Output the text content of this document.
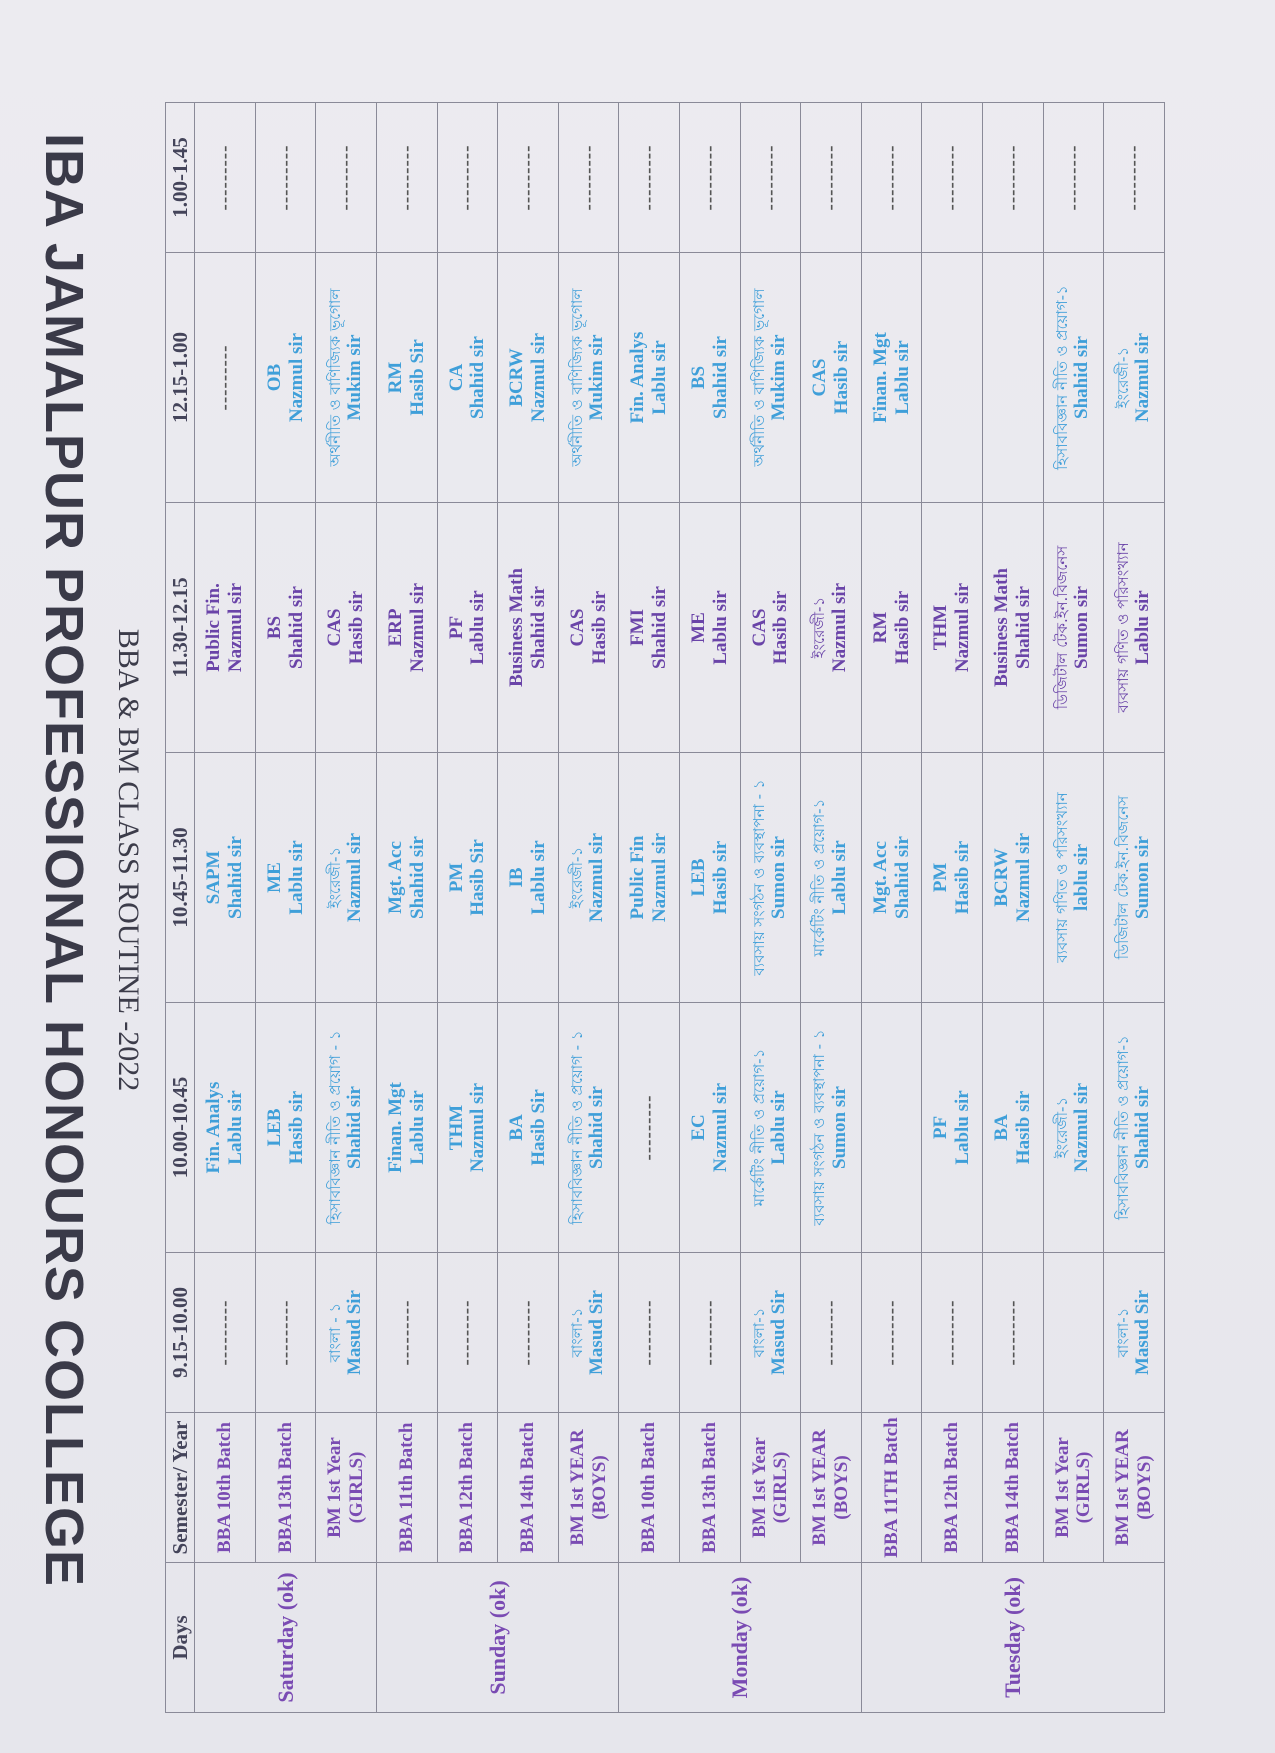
IBA JAMALPUR PROFESSIONAL HONOURS COLLEGE BBA & BM CLASS ROUTINE -2022
Days	Semester/ Year	9.15-10.00	10.00-10.45	10.45-11.30	11.30-12.15	12.15-1.00	1.00-1.45
Saturday (ok)	BBA 10th Batch	---------	Fin. Analys Lablu sir	SAPM Shahid sir	Public Fin. Nazmul sir	---------	---------
	BBA 13th Batch	---------	LEB Hasib sir	ME Lablu sir	BS Shahid sir	OB Nazmul sir	---------
	BM 1st Year (GIRLS)	বাংলা - ১ Masud Sir	হিসাববিজ্ঞান নীতি ও প্রয়োগ - ১ Shahid sir	ইংরেজী-১ Nazmul sir	CAS Hasib sir	অর্থনীতি ও বাণিজ্যিক ভূগোল Mukim sir	---------
Sunday (ok)	BBA 11th Batch	---------	Finan. Mgt Lablu sir	Mgt. Acc Shahid sir	ERP Nazmul sir	RM Hasib Sir	---------
	BBA 12th Batch	---------	THM Nazmul sir	PM Hasib Sir	PF Lablu sir	CA Shahid sir	---------
	BBA 14th Batch	---------	BA Hasib Sir	IB Lablu sir	Business Math Shahid sir	BCRW Nazmul sir	---------
	BM 1st YEAR (BOYS)	বাংলা-১ Masud Sir	হিসাববিজ্ঞান নীতি ও প্রয়োগ - ১ Shahid sir	ইংরেজী-১ Nazmul sir	CAS Hasib sir	অর্থনীতি ও বাণিজ্যিক ভূগোল Mukim sir	---------
Monday (ok)	BBA 10th Batch	---------	---------	Public Fin Nazmul sir	FMI Shahid sir	Fin. Analys Lablu sir	---------
	BBA 13th Batch	---------	EC Nazmul sir	LEB Hasib sir	ME Lablu sir	BS Shahid sir	---------
	BM 1st Year (GIRLS)	বাংলা-১ Masud Sir	মার্কেটিং নীতি ও প্রয়োগ-১ Lablu sir	ব্যবসায় সংগঠন ও ব্যবস্থাপনা - ১ Sumon sir	CAS Hasib sir	অর্থনীতি ও বাণিজ্যিক ভূগোল Mukim sir	---------
	BM 1st YEAR (BOYS)	---------	ব্যবসায় সংগঠন ও ব্যবস্থাপনা - ১ Sumon sir	মার্কেটিং নীতি ও প্রয়োগ-১ Lablu sir	ইংরেজী-১ Nazmul sir	CAS Hasib sir	---------
Tuesday (ok)	BBA 11TH Batch	---------		Mgt. Acc Shahid sir	RM Hasib sir	Finan. Mgt Lablu sir	---------
	BBA 12th Batch	---------	PF Lablu sir	PM Hasib sir	THM Nazmul sir		---------
	BBA 14th Batch	---------	BA Hasib sir	BCRW Nazmul sir	Business Math Shahid sir		---------
	BM 1st Year (GIRLS)		ইংরেজী-১ Nazmul sir	ব্যবসায় গণিত ও পরিসংখ্যান lablu sir	ডিজিটাল টেক.ইন.বিজনেস Sumon sir	হিসাববিজ্ঞান নীতি ও প্রয়োগ-১ Shahid sir	---------
	BM 1st YEAR (BOYS)	বাংলা-১ Masud Sir	হিসাববিজ্ঞান নীতি ও প্রয়োগ-১ Shahid sir	ডিজিটাল টেক.ইন.বিজনেস Sumon sir	ব্যবসায় গণিত ও পরিসংখ্যান Lablu sir	ইংরেজী-১ Nazmul sir	---------
